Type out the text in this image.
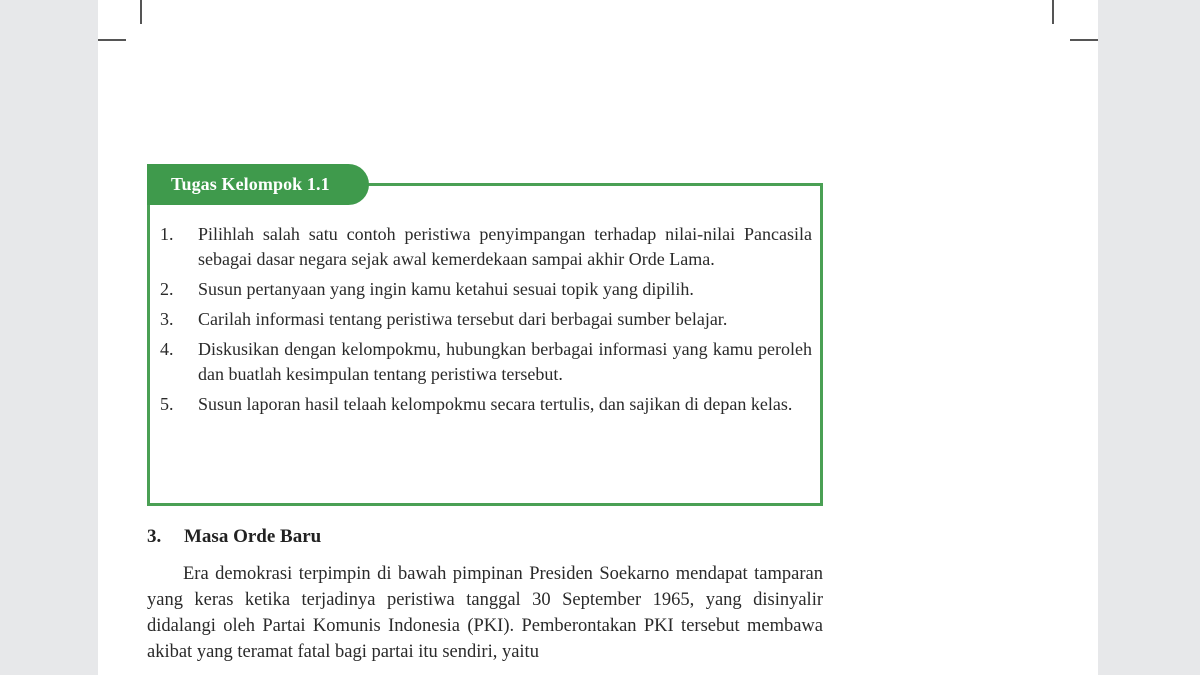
Tugas Kelompok 1.1
1.	Pilihlah salah satu contoh peristiwa penyimpangan terhadap nilai-nilai Pancasila sebagai dasar negara sejak awal kemerdekaan sampai akhir Orde Lama.
2.	Susun pertanyaan yang ingin kamu ketahui sesuai topik yang dipilih.
3.	Carilah informasi tentang peristiwa tersebut dari berbagai sumber belajar.
4.	Diskusikan dengan kelompokmu, hubungkan berbagai informasi yang kamu peroleh dan buatlah kesimpulan tentang peristiwa tersebut.
5.	Susun laporan hasil telaah kelompokmu secara tertulis, dan sajikan di depan kelas.
3. Masa Orde Baru

Era demokrasi terpimpin di bawah pimpinan Presiden Soekarno mendapat tamparan yang keras ketika terjadinya peristiwa tanggal 30 September 1965, yang disinyalir didalangi oleh Partai Komunis Indonesia (PKI). Pemberontakan PKI tersebut membawa akibat yang teramat fatal bagi partai itu sendiri, yaitu
